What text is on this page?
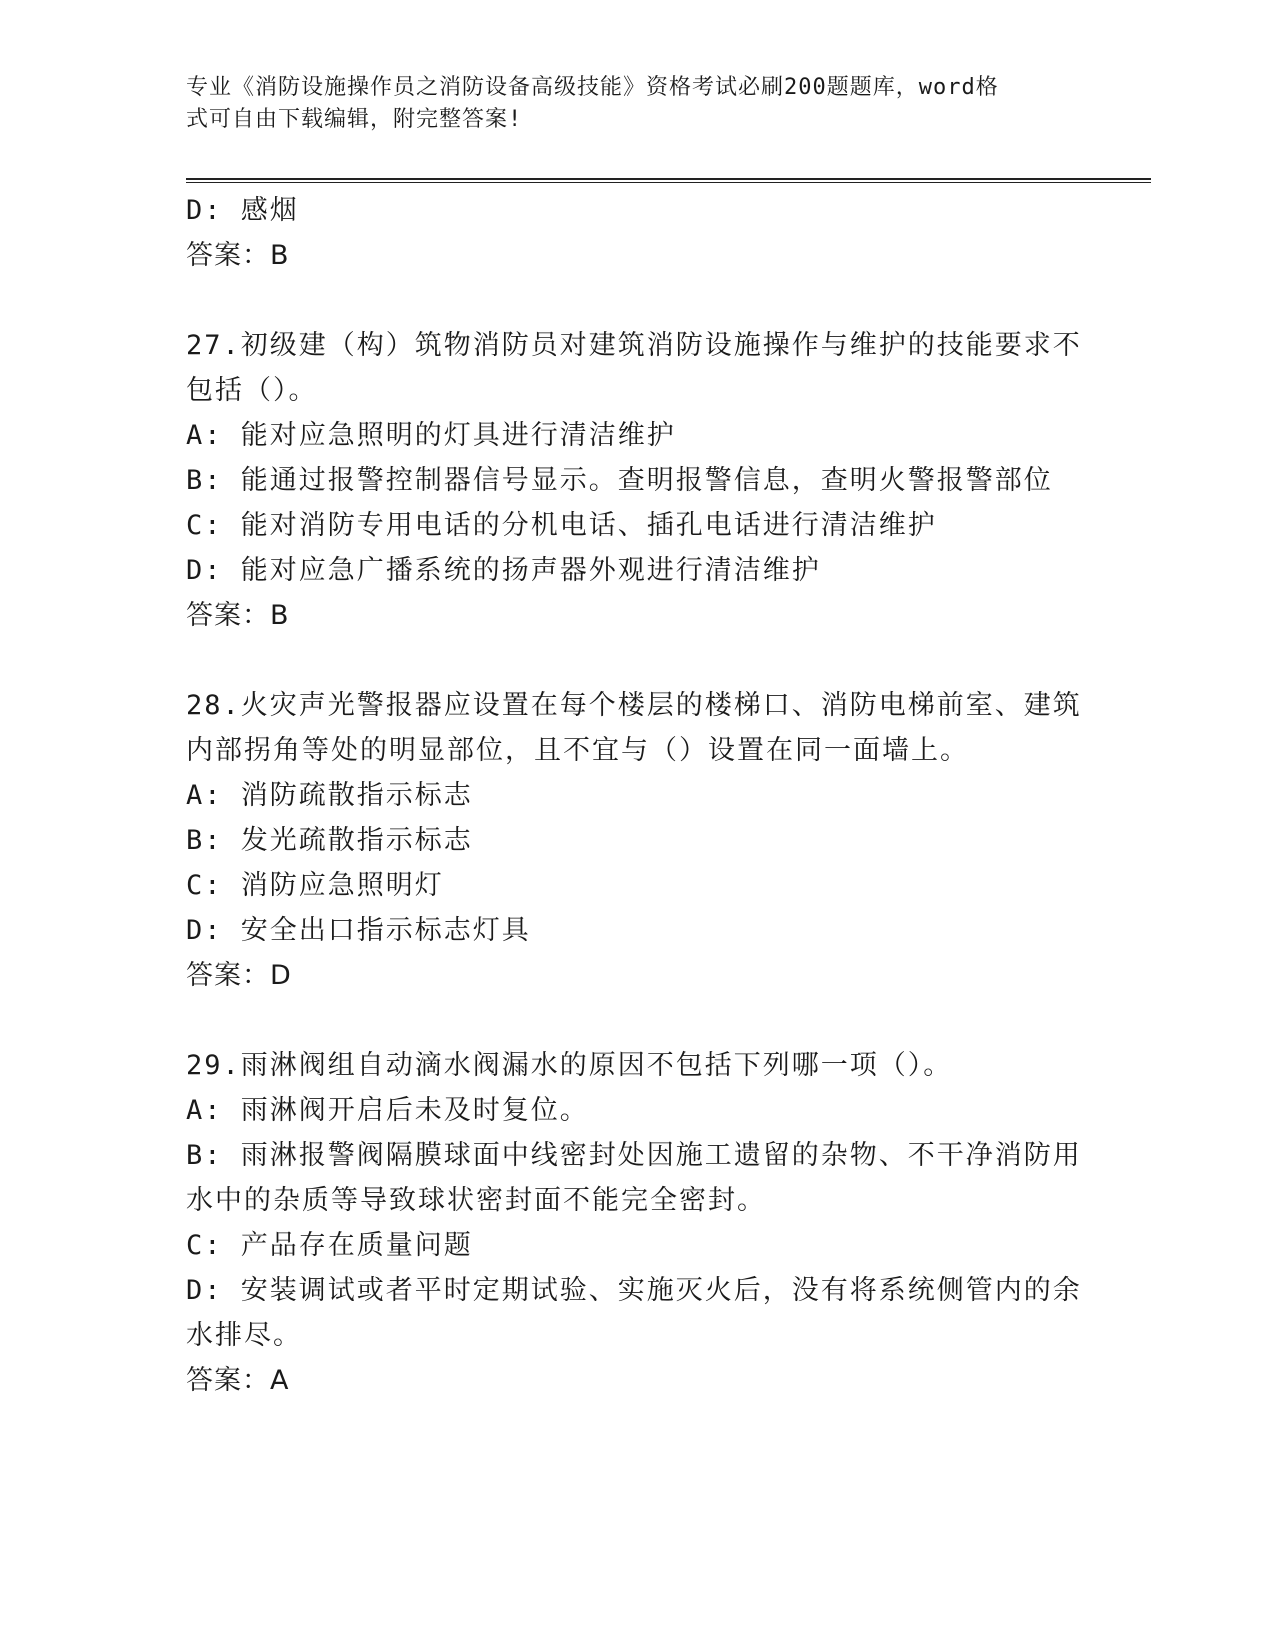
专业《消防设施操作员之消防设备高级技能》资格考试必刷200题题库，word格
式可自由下载编辑，附完整答案!
D: 感烟
答案：B
27.初级建（构）筑物消防员对建筑消防设施操作与维护的技能要求不
包括（）。
A: 能对应急照明的灯具进行清洁维护
B: 能通过报警控制器信号显示。查明报警信息，查明火警报警部位
C: 能对消防专用电话的分机电话、插孔电话进行清洁维护
D: 能对应急广播系统的扬声器外观进行清洁维护
答案：B
28.火灾声光警报器应设置在每个楼层的楼梯口、消防电梯前室、建筑
内部拐角等处的明显部位，且不宜与（）设置在同一面墙上。
A: 消防疏散指示标志
B: 发光疏散指示标志
C: 消防应急照明灯
D: 安全出口指示标志灯具
答案：D
29.雨淋阀组自动滴水阀漏水的原因不包括下列哪一项（）。
A: 雨淋阀开启后未及时复位。
B: 雨淋报警阀隔膜球面中线密封处因施工遗留的杂物、不干净消防用
水中的杂质等导致球状密封面不能完全密封。
C: 产品存在质量问题
D: 安装调试或者平时定期试验、实施灭火后，没有将系统侧管内的余
水排尽。
答案：A
